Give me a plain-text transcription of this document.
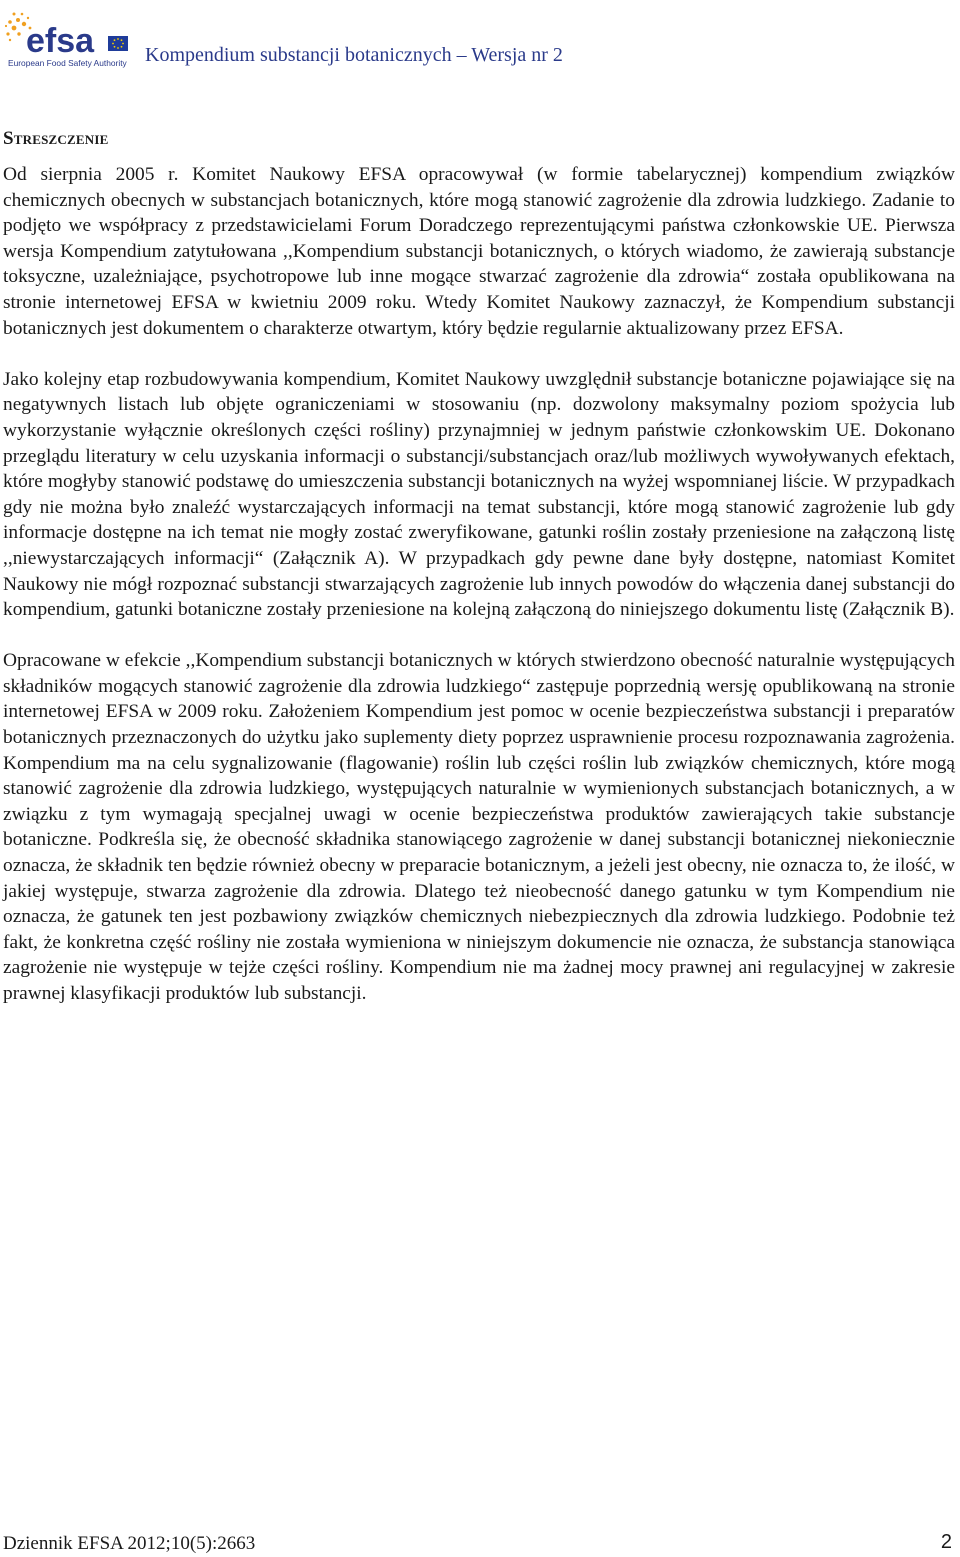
efsa
European Food Safety Authority Kompendium substancji botanicznych – Wersja nr 2
Streszczenie

Od sierpnia 2005 r. Komitet Naukowy EFSA opracowywał (w formie tabelarycznej) kompendium związków chemicznych obecnych w substancjach botanicznych, które mogą stanowić zagrożenie dla zdrowia ludzkiego. Zadanie to podjęto we współpracy z przedstawicielami Forum Doradczego reprezentującymi państwa członkowskie UE. Pierwsza wersja Kompendium zatytułowana ,,Kompendium substancji botanicznych, o których wiadomo, że zawierają substancje toksyczne, uzależniające, psychotropowe lub inne mogące stwarzać zagrożenie dla zdrowia“ została opublikowana na stronie internetowej EFSA w kwietniu 2009 roku. Wtedy Komitet Naukowy zaznaczył, że Kompendium substancji botanicznych jest dokumentem o charakterze otwartym, który będzie regularnie aktualizowany przez EFSA.

Jako kolejny etap rozbudowywania kompendium, Komitet Naukowy uwzględnił substancje botaniczne pojawiające się na negatywnych listach lub objęte ograniczeniami w stosowaniu (np. dozwolony maksymalny poziom spożycia lub wykorzystanie wyłącznie określonych części rośliny) przynajmniej w jednym państwie członkowskim UE. Dokonano przeglądu literatury w celu uzyskania informacji o substancji/substancjach oraz/lub możliwych wywoływanych efektach, które mogłyby stanowić podstawę do umieszczenia substancji botanicznych na wyżej wspomnianej liście. W przypadkach gdy nie można było znaleźć wystarczających informacji na temat substancji, które mogą stanowić zagrożenie lub gdy informacje dostępne na ich temat nie mogły zostać zweryfikowane, gatunki roślin zostały przeniesione na załączoną listę ,,niewystarczających informacji“ (Załącznik A). W przypadkach gdy pewne dane były dostępne, natomiast Komitet Naukowy nie mógł rozpoznać substancji stwarzających zagrożenie lub innych powodów do włączenia danej substancji do kompendium, gatunki botaniczne zostały przeniesione na kolejną załączoną do niniejszego dokumentu listę (Załącznik B).

Opracowane w efekcie ,,Kompendium substancji botanicznych w których stwierdzono obecność naturalnie występujących składników mogących stanowić zagrożenie dla zdrowia ludzkiego“ zastępuje poprzednią wersję opublikowaną na stronie internetowej EFSA w 2009 roku. Założeniem Kompendium jest pomoc w ocenie bezpieczeństwa substancji i preparatów botanicznych przeznaczonych do użytku jako suplementy diety poprzez usprawnienie procesu rozpoznawania zagrożenia. Kompendium ma na celu sygnalizowanie (flagowanie) roślin lub części roślin lub związków chemicznych, które mogą stanowić zagrożenie dla zdrowia ludzkiego, występujących naturalnie w wymienionych substancjach botanicznych, a w związku z tym wymagają specjalnej uwagi w ocenie bezpieczeństwa produktów zawierających takie substancje botaniczne. Podkreśla się, że obecność składnika stanowiącego zagrożenie w danej substancji botanicznej niekoniecznie oznacza, że składnik ten będzie również obecny w preparacie botanicznym, a jeżeli jest obecny, nie oznacza to, że ilość, w jakiej występuje, stwarza zagrożenie dla zdrowia. Dlatego też nieobecność danego gatunku w tym Kompendium nie oznacza, że gatunek ten jest pozbawiony związków chemicznych niebezpiecznych dla zdrowia ludzkiego. Podobnie też fakt, że konkretna część rośliny nie została wymieniona w niniejszym dokumencie nie oznacza, że substancja stanowiąca zagrożenie nie występuje w tejże części rośliny. Kompendium nie ma żadnej mocy prawnej ani regulacyjnej w zakresie prawnej klasyfikacji produktów lub substancji.

Dziennik EFSA 2012;10(5):2663	2
